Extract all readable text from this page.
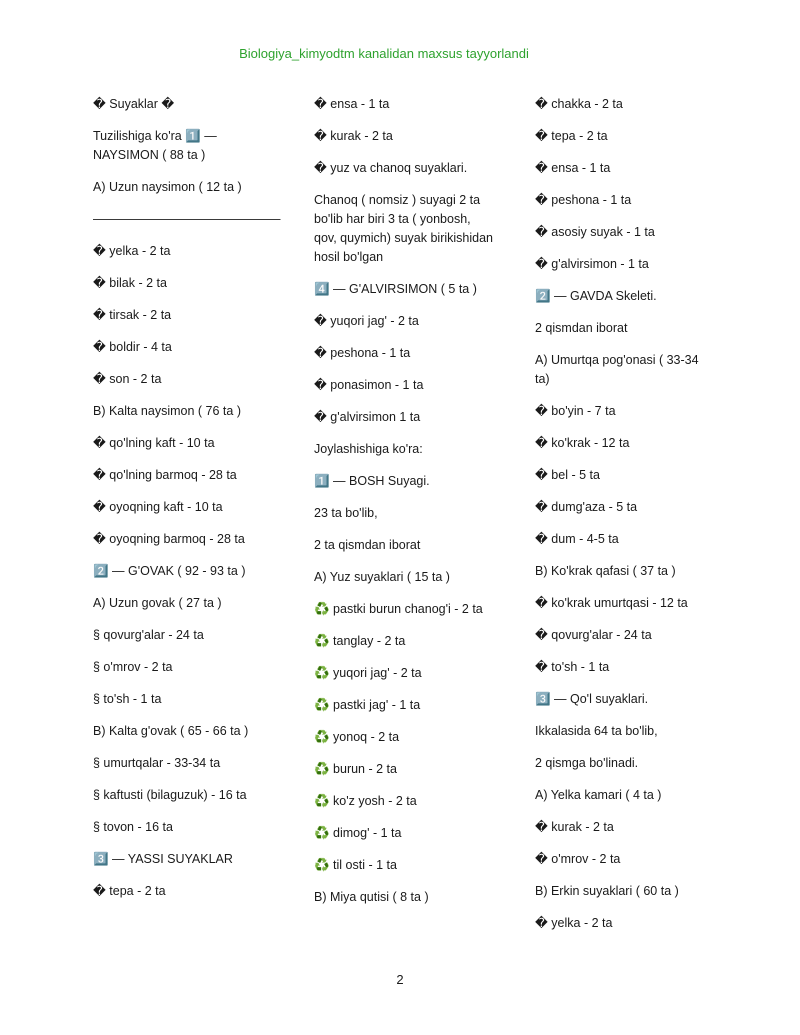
Biologiya_kimyodtm kanalidan maxsus tayyorlandi
� Suyaklar �
Tuzilishiga ko'ra 1️⃣ — NAYSIMON ( 88 ta )
A) Uzun naysimon ( 12 ta )
———————————————
� yelka - 2 ta
� bilak - 2 ta
� tirsak - 2 ta
� boldir - 4 ta
� son - 2 ta
B) Kalta naysimon ( 76 ta )
� qo'lning kaft - 10 ta
� qo'lning barmoq - 28 ta
� oyoqning kaft - 10 ta
� oyoqning barmoq - 28 ta
2️⃣ — G'OVAK ( 92 - 93 ta )
A) Uzun govak ( 27 ta )
§ qovurg'alar - 24 ta
§ o'mrov - 2 ta
§ to'sh - 1 ta
B) Kalta g'ovak ( 65 - 66 ta )
§ umurtqalar - 33-34 ta
§ kaftusti (bilaguzuk) - 16 ta
§ tovon - 16 ta
3️⃣ — YASSI SUYAKLAR
� tepa - 2 ta
� ensa - 1 ta
� kurak - 2 ta
� yuz va chanoq suyaklari.
Chanoq ( nomsiz ) suyagi 2 ta bo'lib har biri 3 ta ( yonbosh, qov, quymich) suyak birikishidan hosil bo'lgan
4️⃣ — G'ALVIRSIMON ( 5 ta )
� yuqori jag' - 2 ta
� peshona - 1 ta
� ponasimon - 1 ta
� g'alvirsimon 1 ta
Joylashishiga ko'ra:
1️⃣ — BOSH Suyagi.
23 ta bo'lib,
2 ta qismdan iborat
A) Yuz suyaklari ( 15 ta )
♻️ pastki burun chanog'i - 2 ta
♻️ tanglay - 2 ta
♻️ yuqori jag' - 2 ta
♻️ pastki jag' - 1 ta
♻️ yonoq - 2 ta
♻️ burun - 2 ta
♻️ ko'z yosh - 2 ta
♻️ dimog' - 1 ta
♻️ til osti - 1 ta
B) Miya qutisi ( 8 ta )
� chakka - 2 ta
� tepa - 2 ta
� ensa - 1 ta
� peshona - 1 ta
� asosiy suyak - 1 ta
� g'alvirsimon - 1 ta
2️⃣ — GAVDA Skeleti.
2 qismdan iborat
A) Umurtqa pog'onasi ( 33-34 ta)
� bo'yin - 7 ta
� ko'krak - 12 ta
� bel - 5 ta
� dumg'aza - 5 ta
� dum - 4-5 ta
B) Ko'krak qafasi ( 37 ta )
� ko'krak umurtqasi - 12 ta
� qovurg'alar - 24 ta
� to'sh - 1 ta
3️⃣ — Qo'l suyaklari.
Ikkalasida 64 ta bo'lib,
2 qismga bo'linadi.
A) Yelka kamari ( 4 ta )
� kurak - 2 ta
� o'mrov - 2 ta
B) Erkin suyaklari ( 60 ta )
� yelka - 2 ta
2
